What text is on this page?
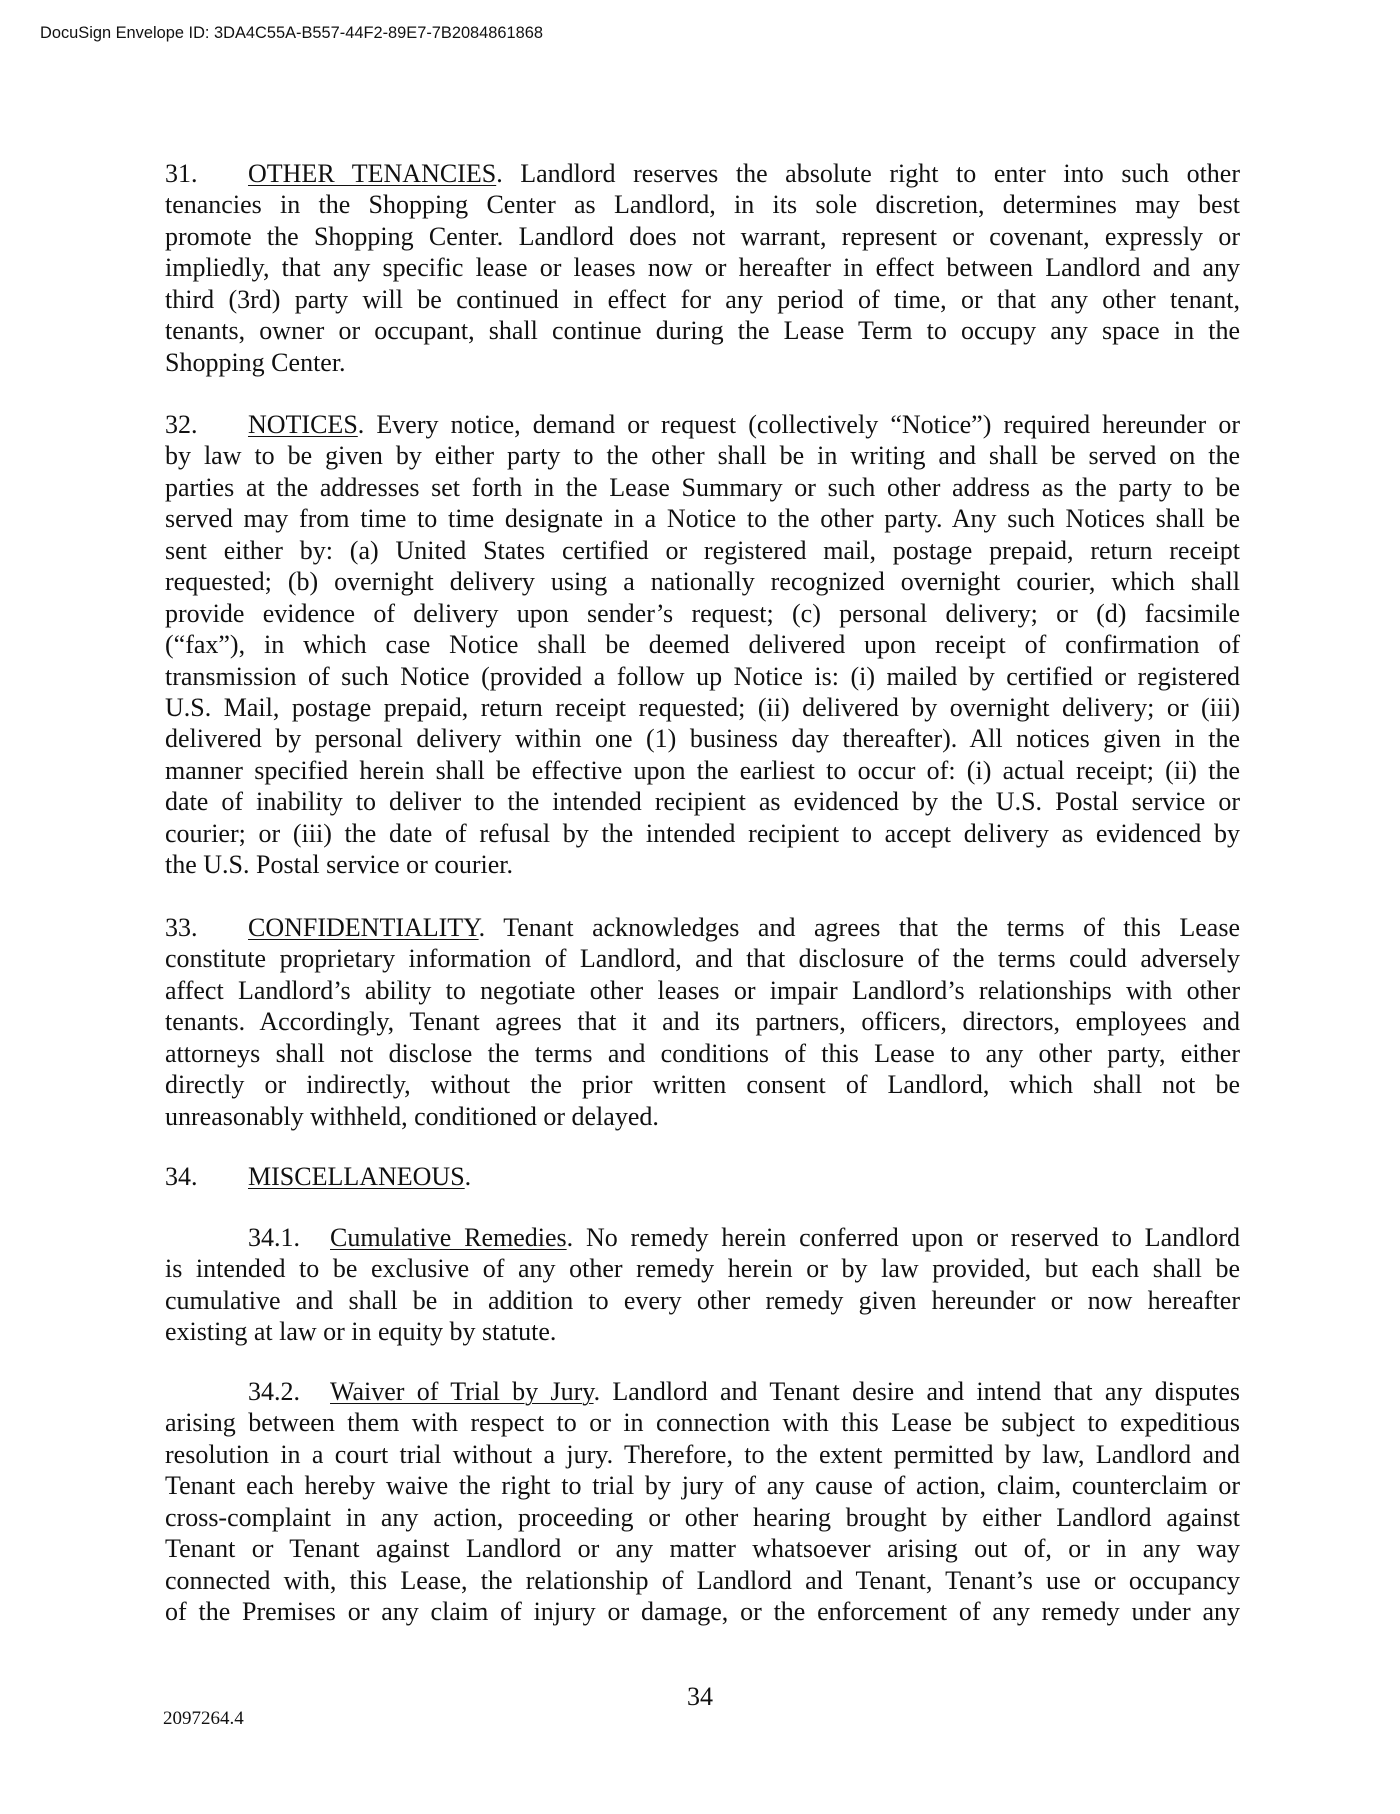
DocuSign Envelope ID: 3DA4C55A-B557-44F2-89E7-7B2084861868
31. OTHER TENANCIES. Landlord reserves the absolute right to enter into such other
tenancies in the Shopping Center as Landlord, in its sole discretion, determines may best
promote the Shopping Center. Landlord does not warrant, represent or covenant, expressly or
impliedly, that any specific lease or leases now or hereafter in effect between Landlord and any
third (3rd) party will be continued in effect for any period of time, or that any other tenant,
tenants, owner or occupant, shall continue during the Lease Term to occupy any space in the
Shopping Center.
32. NOTICES. Every notice, demand or request (collectively “Notice”) required hereunder or
by law to be given by either party to the other shall be in writing and shall be served on the
parties at the addresses set forth in the Lease Summary or such other address as the party to be
served may from time to time designate in a Notice to the other party. Any such Notices shall be
sent either by: (a) United States certified or registered mail, postage prepaid, return receipt
requested; (b) overnight delivery using a nationally recognized overnight courier, which shall
provide evidence of delivery upon sender’s request; (c) personal delivery; or (d) facsimile
(“fax”), in which case Notice shall be deemed delivered upon receipt of confirmation of
transmission of such Notice (provided a follow up Notice is: (i) mailed by certified or registered
U.S. Mail, postage prepaid, return receipt requested; (ii) delivered by overnight delivery; or (iii)
delivered by personal delivery within one (1) business day thereafter). All notices given in the
manner specified herein shall be effective upon the earliest to occur of: (i) actual receipt; (ii) the
date of inability to deliver to the intended recipient as evidenced by the U.S. Postal service or
courier; or (iii) the date of refusal by the intended recipient to accept delivery as evidenced by
the U.S. Postal service or courier.
33. CONFIDENTIALITY. Tenant acknowledges and agrees that the terms of this Lease
constitute proprietary information of Landlord, and that disclosure of the terms could adversely
affect Landlord’s ability to negotiate other leases or impair Landlord’s relationships with other
tenants. Accordingly, Tenant agrees that it and its partners, officers, directors, employees and
attorneys shall not disclose the terms and conditions of this Lease to any other party, either
directly or indirectly, without the prior written consent of Landlord, which shall not be
unreasonably withheld, conditioned or delayed.
34. MISCELLANEOUS.
34.1. Cumulative Remedies. No remedy herein conferred upon or reserved to Landlord
is intended to be exclusive of any other remedy herein or by law provided, but each shall be
cumulative and shall be in addition to every other remedy given hereunder or now hereafter
existing at law or in equity by statute.
34.2. Waiver of Trial by Jury. Landlord and Tenant desire and intend that any disputes
arising between them with respect to or in connection with this Lease be subject to expeditious
resolution in a court trial without a jury. Therefore, to the extent permitted by law, Landlord and
Tenant each hereby waive the right to trial by jury of any cause of action, claim, counterclaim or
cross-complaint in any action, proceeding or other hearing brought by either Landlord against
Tenant or Tenant against Landlord or any matter whatsoever arising out of, or in any way
connected with, this Lease, the relationship of Landlord and Tenant, Tenant’s use or occupancy
of the Premises or any claim of injury or damage, or the enforcement of any remedy under any
34
2097264.4
